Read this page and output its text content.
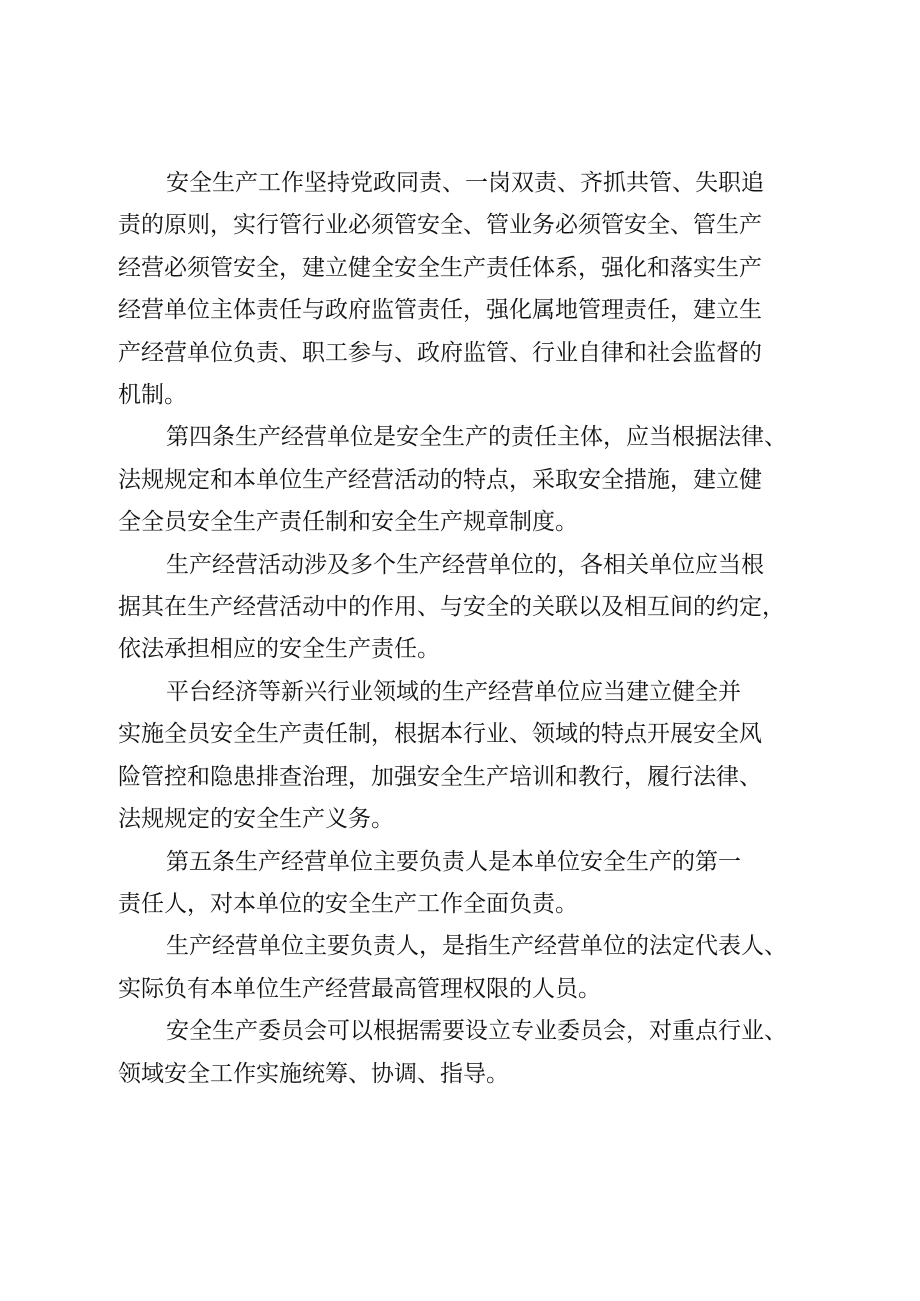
安全生产工作坚持党政同责、一岗双责、齐抓共管、失职追
责的原则，实行管行业必须管安全、管业务必须管安全、管生产
经营必须管安全，建立健全安全生产责任体系，强化和落实生产
经营单位主体责任与政府监管责任，强化属地管理责任，建立生
产经营单位负责、职工参与、政府监管、行业自律和社会监督的
机制。

第四条生产经营单位是安全生产的责任主体，应当根据法律、
法规规定和本单位生产经营活动的特点，采取安全措施，建立健
全全员安全生产责任制和安全生产规章制度。

生产经营活动涉及多个生产经营单位的，各相关单位应当根
据其在生产经营活动中的作用、与安全的关联以及相互间的约定，
依法承担相应的安全生产责任。

平台经济等新兴行业领域的生产经营单位应当建立健全并
实施全员安全生产责任制，根据本行业、领域的特点开展安全风
险管控和隐患排查治理，加强安全生产培训和教行，履行法律、
法规规定的安全生产义务。

第五条生产经营单位主要负责人是本单位安全生产的第一
责任人，对本单位的安全生产工作全面负责。

生产经营单位主要负责人，是指生产经营单位的法定代表人、
实际负有本单位生产经营最高管理权限的人员。

安全生产委员会可以根据需要设立专业委员会，对重点行业、
领域安全工作实施统筹、协调、指导。
